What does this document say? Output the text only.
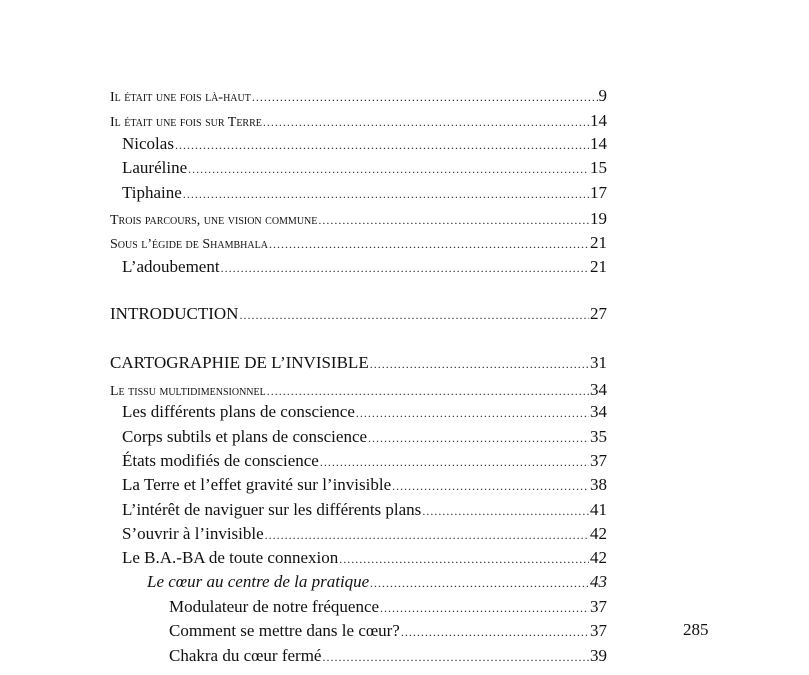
Il était une fois là-haut .....	9
Il était une fois sur Terre .....	14
Nicolas .....	14
Lauréline .....	15
Tiphaine .....	17
Trois parcours, une vision commune .....	19
Sous l’égide de Shambhala .....	21
L’adoubement .....	21
INTRODUCTION .....	27
CARTOGRAPHIE DE L’INVISIBLE .....	31
Le tissu multidimensionnel .....	34
Les différents plans de conscience .....	34
Corps subtils et plans de conscience .....	35
États modifiés de conscience .....	37
La Terre et l’effet gravité sur l’invisible .....	38
L’intérêt de naviguer sur les différents plans .....	41
S’ouvrir à l’invisible .....	42
Le B.A.-BA de toute connexion .....	42
Le cœur au centre de la pratique .....	43
Modulateur de notre fréquence .....	37
Comment se mettre dans le cœur? .....	37
Chakra du cœur fermé .....	39
285
